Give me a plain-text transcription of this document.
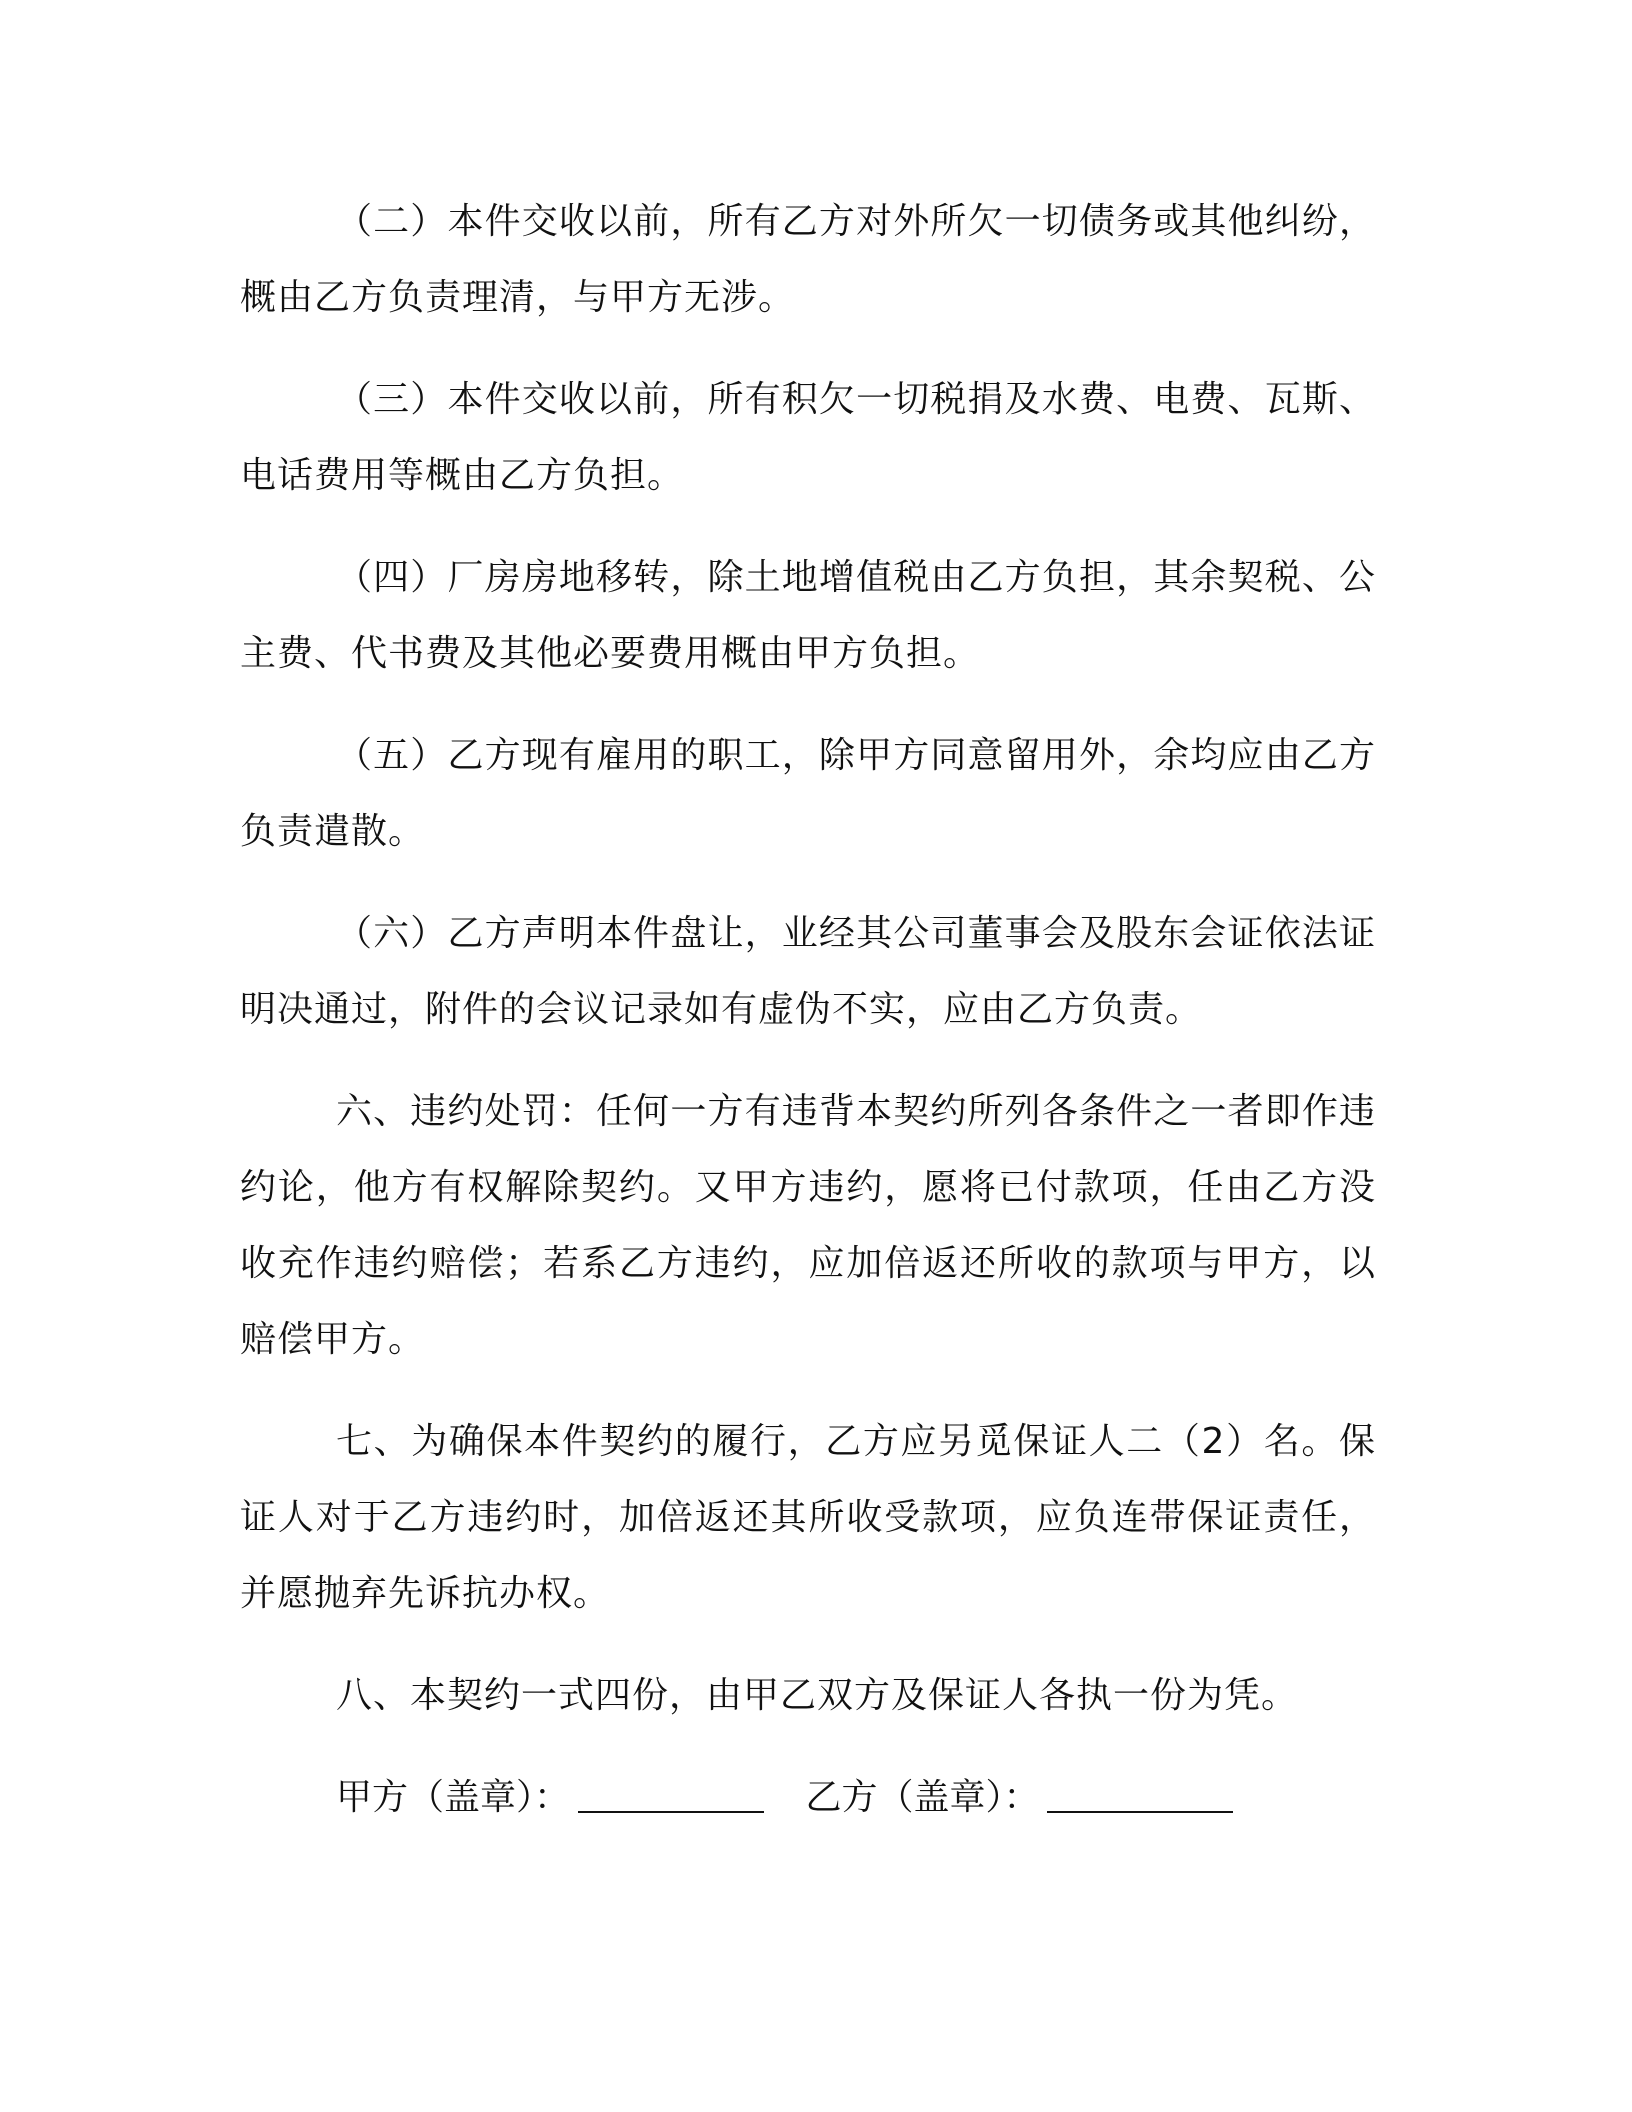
（二）本件交收以前，所有乙方对外所欠一切债务或其他纠纷，概由乙方负责理清，与甲方无涉。

（三）本件交收以前，所有积欠一切税捐及水费、电费、瓦斯、电话费用等概由乙方负担。

（四）厂房房地移转，除土地增值税由乙方负担，其余契税、公主费、代书费及其他必要费用概由甲方负担。

（五）乙方现有雇用的职工，除甲方同意留用外，余均应由乙方负责遣散。

（六）乙方声明本件盘让，业经其公司董事会及股东会证依法证明决通过，附件的会议记录如有虚伪不实，应由乙方负责。

六、违约处罚：任何一方有违背本契约所列各条件之一者即作违约论，他方有权解除契约。又甲方违约，愿将已付款项，任由乙方没收充作违约赔偿；若系乙方违约，应加倍返还所收的款项与甲方，以赔偿甲方。

七、为确保本件契约的履行，乙方应另觅保证人二（2）名。保证人对于乙方违约时，加倍返还其所收受款项，应负连带保证责任，并愿抛弃先诉抗办权。

八、本契约一式四份，由甲乙双方及保证人各执一份为凭。

甲方（盖章）：	乙方（盖章）：
